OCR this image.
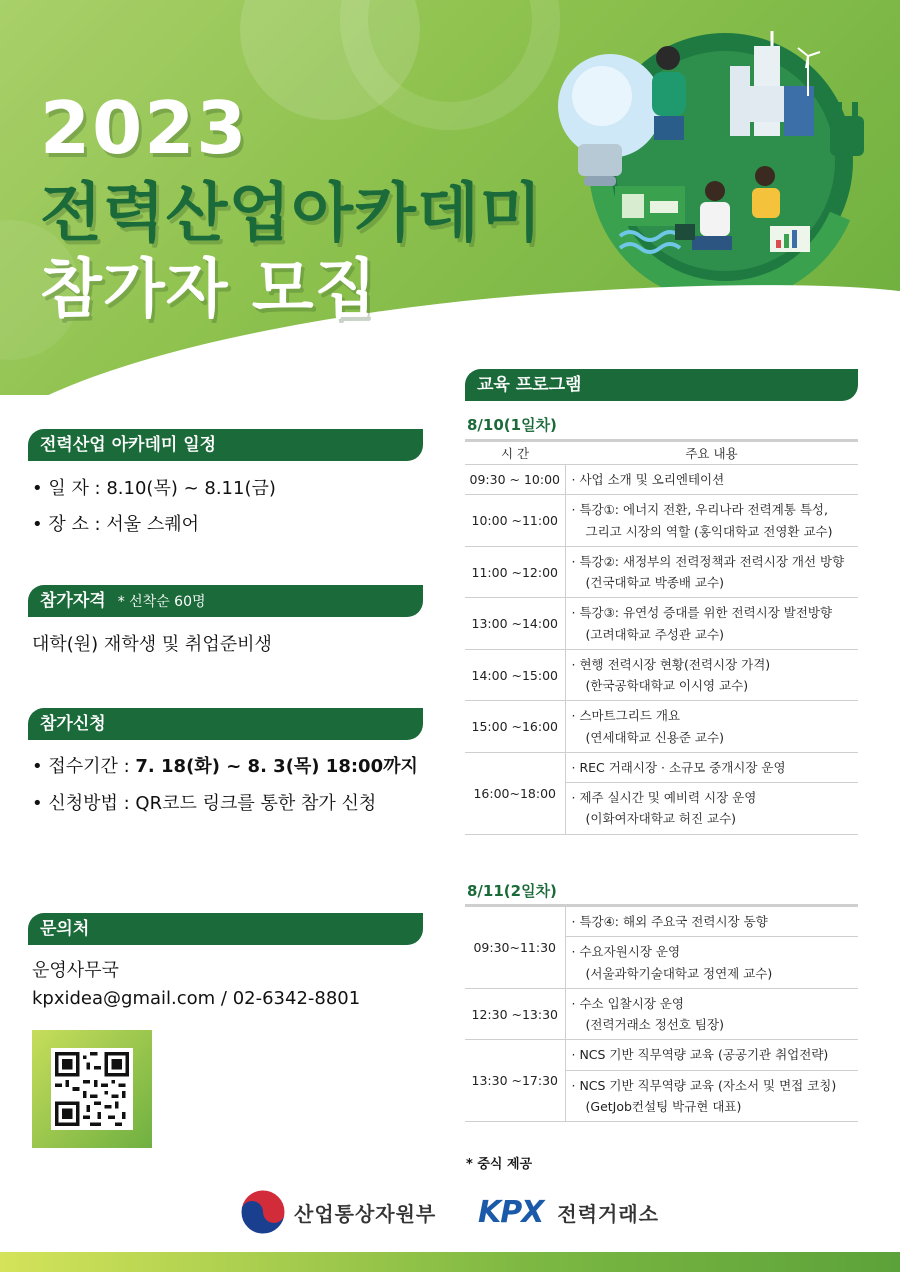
2023
전력산업아카데미
참가자 모집
전력산업 아카데미 일정
• 일 자 : 8.10(목) ~ 8.11(금)
• 장 소 : 서울 스퀘어
참가자격 * 선착순 60명
대학(원) 재학생 및 취업준비생
참가신청
• 접수기간 : 7. 18(화) ~ 8. 3(목) 18:00까지
• 신청방법 : QR코드 링크를 통한 참가 신청
문의처
운영사무국
kpxidea@gmail.com / 02-6342-8801
교육 프로그램
8/10(1일차)
시 간	주요 내용
09:30 ~ 10:00	· 사업 소개 및 오리엔테이션

10:00 ~11:00	· 특강①: 에너지 전환, 우리나라 전력계통 특성,
그리고 시장의 역할 (홍익대학교 전영환 교수)

11:00 ~12:00	· 특강②: 새정부의 전력정책과 전력시장 개선 방향
(건국대학교 박종배 교수)

13:00 ~14:00	· 특강③: 유연성 증대를 위한 전력시장 발전방향
(고려대학교 주성관 교수)

14:00 ~15:00	· 현행 전력시장 현황(전력시장 가격)
(한국공학대학교 이시영 교수)

15:00 ~16:00	· 스마트그리드 개요
(연세대학교 신용준 교수)

16:00~18:00	· REC 거래시장 · 소규모 중개시장 운영
· 제주 실시간 및 예비력 시장 운영
(이화여자대학교 허진 교수)
8/11(2일차)
09:30~11:30	· 특강④: 해외 주요국 전력시장 동향
· 수요자원시장 운영
(서울과학기술대학교 정연제 교수)

12:30 ~13:30	· 수소 입찰시장 운영
(전력거래소 정선호 팀장)

13:30 ~17:30	· NCS 기반 직무역량 교육 (공공기관 취업전략)
· NCS 기반 직무역량 교육 (자소서 및 면접 코칭)
(GetJob컨설팅 박규현 대표)
* 중식 제공
산업통상자원부 KPX 전력거래소
